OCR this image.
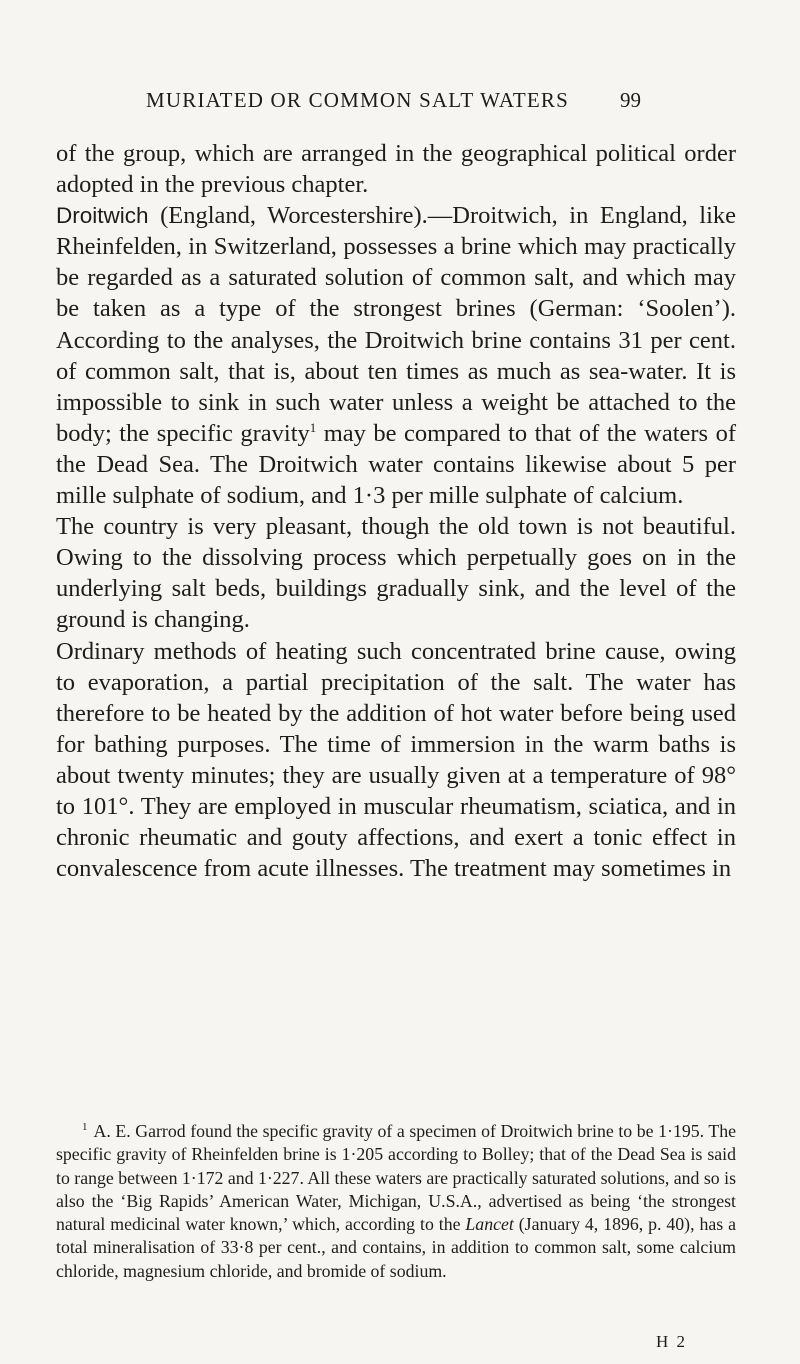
MURIATED OR COMMON SALT WATERS 99

of the group, which are arranged in the geographical political order adopted in the previous chapter.

Droitwich (England, Worcestershire).—Droitwich, in England, like Rheinfelden, in Switzerland, possesses a brine which may practically be regarded as a saturated solution of common salt, and which may be taken as a type of the strongest brines (German: ‘Soolen’). According to the analyses, the Droitwich brine contains 31 per cent. of common salt, that is, about ten times as much as sea-water. It is impossible to sink in such water unless a weight be attached to the body; the specific gravity$^1$ may be compared to that of the waters of the Dead Sea. The Droitwich water contains likewise about 5 per mille sulphate of sodium, and 1·3 per mille sulphate of calcium.

The country is very pleasant, though the old town is not beautiful. Owing to the dissolving process which perpetually goes on in the underlying salt beds, buildings gradually sink, and the level of the ground is changing.

Ordinary methods of heating such concentrated brine cause, owing to evaporation, a partial precipitation of the salt. The water has therefore to be heated by the addition of hot water before being used for bathing purposes. The time of immersion in the warm baths is about twenty minutes; they are usually given at a temperature of 98° to 101°. They are employed in muscular rheumatism, sciatica, and in chronic rheumatic and gouty affections, and exert a tonic effect in convalescence from acute illnesses. The treatment may sometimes in

$^1$ A. E. Garrod found the specific gravity of a specimen of Droitwich brine to be 1·195. The specific gravity of Rheinfelden brine is 1·205 according to Bolley; that of the Dead Sea is said to range between 1·172 and 1·227. All these waters are practically saturated solutions, and so is also the ‘Big Rapids’ American Water, Michigan, U.S.A., advertised as being ‘the strongest natural medicinal water known,’ which, according to the Lancet (January 4, 1896, p. 40), has a total mineralisation of 33·8 per cent., and contains, in addition to common salt, some calcium chloride, magnesium chloride, and bromide of sodium.

H 2
